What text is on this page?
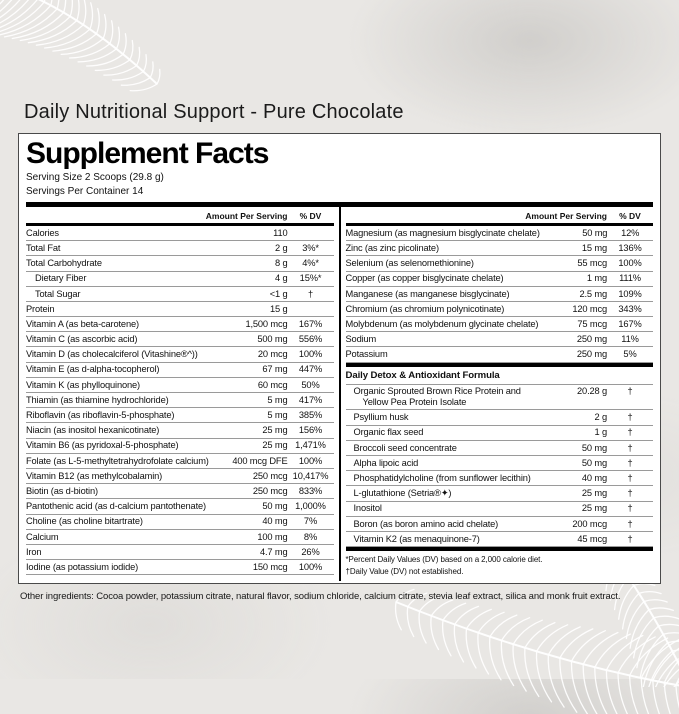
Daily Nutritional Support - Pure Chocolate
Supplement Facts
Serving Size 2 Scoops (29.8 g)
Servings Per Container 14
Amount Per Serving	% DV
Calories	110
Total Fat	2 g	3%*
Total Carbohydrate	8 g	4%*
Dietary Fiber	4 g	15%*
Total Sugar	<1 g	†
Protein	15 g
Vitamin A (as beta-carotene)	1,500 mcg	167%
Vitamin C (as ascorbic acid)	500 mg	556%
Vitamin D (as cholecalciferol (Vitashine®^))	20 mcg	100%
Vitamin E (as d-alpha-tocopherol)	67 mg	447%
Vitamin K (as phylloquinone)	60 mcg	50%
Thiamin (as thiamine hydrochloride)	5 mg	417%
Riboflavin (as riboflavin-5-phosphate)	5 mg	385%
Niacin (as inositol hexanicotinate)	25 mg	156%
Vitamin B6 (as pyridoxal-5-phosphate)	25 mg 1,471%
Folate (as L-5-methyltetrahydrofolate calcium)	400 mcg DFE	100%
Vitamin B12 (as methylcobalamin)	250 mcg 10,417%
Biotin (as d-biotin)	250 mcg	833%
Pantothenic acid (as d-calcium pantothenate)	50 mg 1,000%
Choline (as choline bitartrate)	40 mg	7%
Calcium	100 mg	8%
Iron	4.7 mg	26%
Iodine (as potassium iodide)	150 mcg	100%
Amount Per Serving	% DV
Magnesium (as magnesium bisglycinate chelate)	50 mg	12%
Zinc (as zinc picolinate)	15 mg	136%
Selenium (as selenomethionine)	55 mcg	100%
Copper (as copper bisglycinate chelate)	1 mg	111%
Manganese (as manganese bisglycinate)	2.5 mg	109%
Chromium (as chromium polynicotinate)	120 mcg	343%
Molybdenum (as molybdenum glycinate chelate)	75 mcg	167%
Sodium	250 mg	11%
Potassium	250 mg	5%
Daily Detox & Antioxidant Formula
Organic Sprouted Brown Rice Protein and
Yellow Pea Protein Isolate
20.28 g	†
Psyllium husk	2 g	†
Organic flax seed	1 g	†
Broccoli seed concentrate	50 mg	†
Alpha lipoic acid	50 mg	†
Phosphatidylcholine (from sunflower lecithin)	40 mg	†
L-glutathione (Setria®✦)	25 mg	†
Inositol	25 mg	†
Boron (as boron amino acid chelate)	200 mcg	†
Vitamin K2 (as menaquinone-7)	45 mcg	†
*Percent Daily Values (DV) based on a 2,000 calorie diet.
†Daily Value (DV) not established.
Other ingredients: Cocoa powder, potassium citrate, natural flavor, sodium chloride, calcium citrate, stevia leaf extract, silica and monk fruit extract.
